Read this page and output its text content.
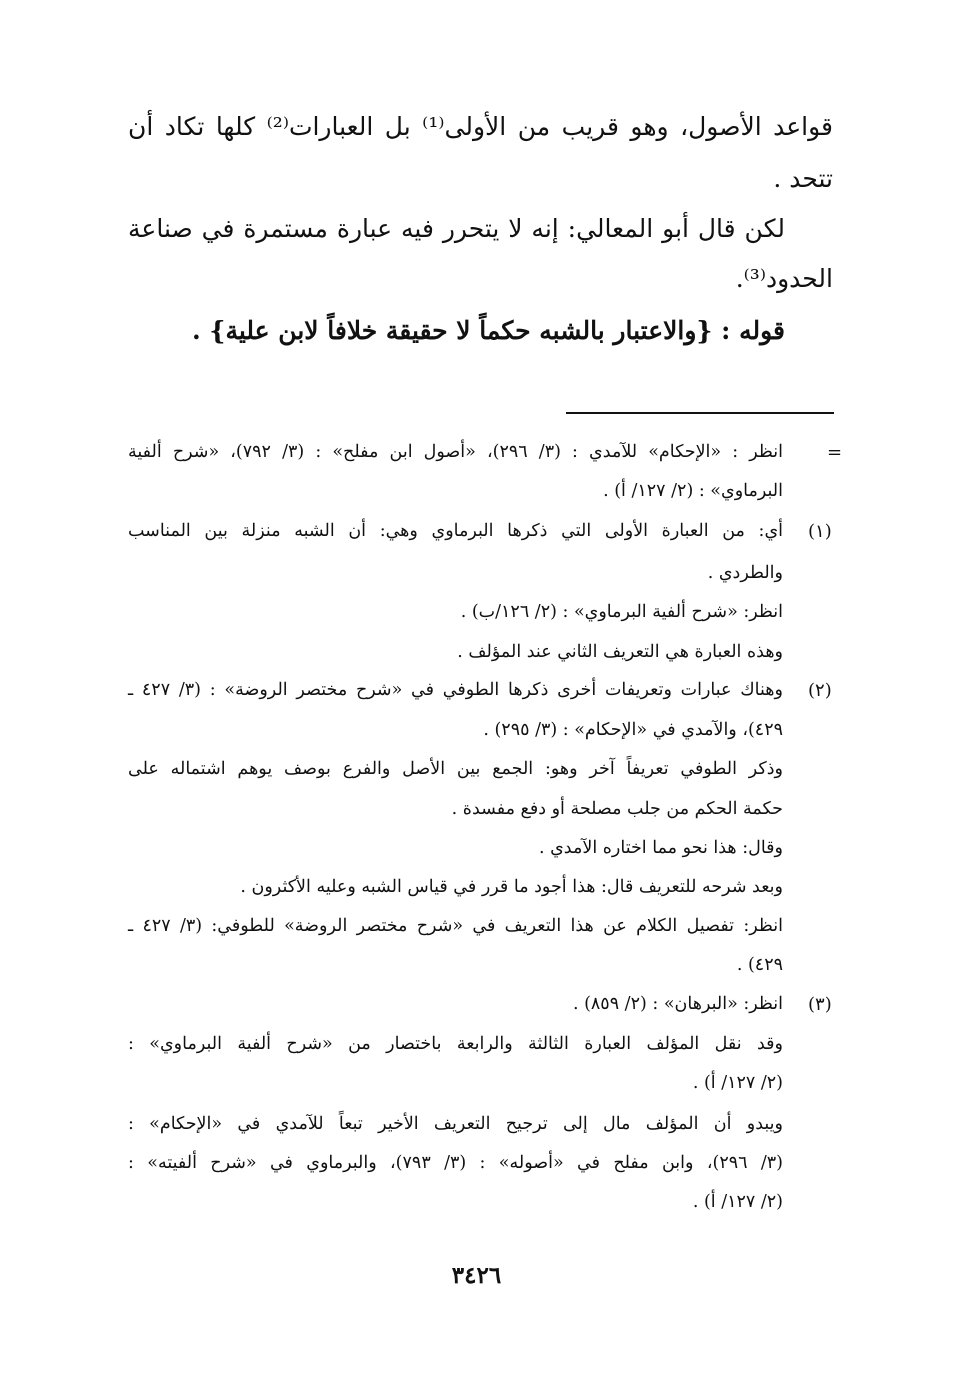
قواعد الأصول، وهو قريب من الأولى⁽¹⁾ بل العبارات⁽²⁾ كلها تكاد أن
تتحد .
لكن قال أبو المعالي: إنه لا يتحرر فيه عبارة مستمرة في صناعة
الحدود⁽³⁾.
قوله : {والاعتبار بالشبه حكماً لا حقيقة خلافاً لابن علية} .
=
(١)
(٢)
(٣)
انظر : «الإحكام» للآمدي : (٣/ ٢٩٦)، «أصول ابن مفلح» : (٣/ ٧٩٢)، «شرح ألفية
البرماوي» : (٢/ ١٢٧/ أ) .
أي: من العبارة الأولى التي ذكرها البرماوي وهي: أن الشبه منزلة بين المناسب
والطردي .
انظر: «شرح ألفية البرماوي» : (٢/ ١٢٦/ب) .
وهذه العبارة هي التعريف الثاني عند المؤلف .
وهناك عبارات وتعريفات أخرى ذكرها الطوفي في «شرح مختصر الروضة» : (٣/ ٤٢٧ ـ
٤٢٩)، والآمدي في «الإحكام» : (٣/ ٢٩٥) .
وذكر الطوفي تعريفاً آخر وهو: الجمع بين الأصل والفرع بوصف يوهم اشتماله على
حكمة الحكم من جلب مصلحة أو دفع مفسدة .
وقال: هذا نحو مما اختاره الآمدي .
وبعد شرحه للتعريف قال: هذا أجود ما قرر في قياس الشبه وعليه الأكثرون .
انظر: تفصيل الكلام عن هذا التعريف في «شرح مختصر الروضة» للطوفي: (٣/ ٤٢٧ ـ
٤٢٩) .
انظر: «البرهان» : (٢/ ٨٥٩) .
وقد نقل المؤلف العبارة الثالثة والرابعة باختصار من «شرح ألفية البرماوي» :
(٢/ ١٢٧/ أ) .
ويبدو أن المؤلف مال إلى ترجيح التعريف الأخير تبعاً للآمدي في «الإحكام» :
(٣/ ٢٩٦)، وابن مفلح في «أصوله» : (٣/ ٧٩٣)، والبرماوي في «شرح ألفيته» :
(٢/ ١٢٧/ أ) .
٣٤٢٦
